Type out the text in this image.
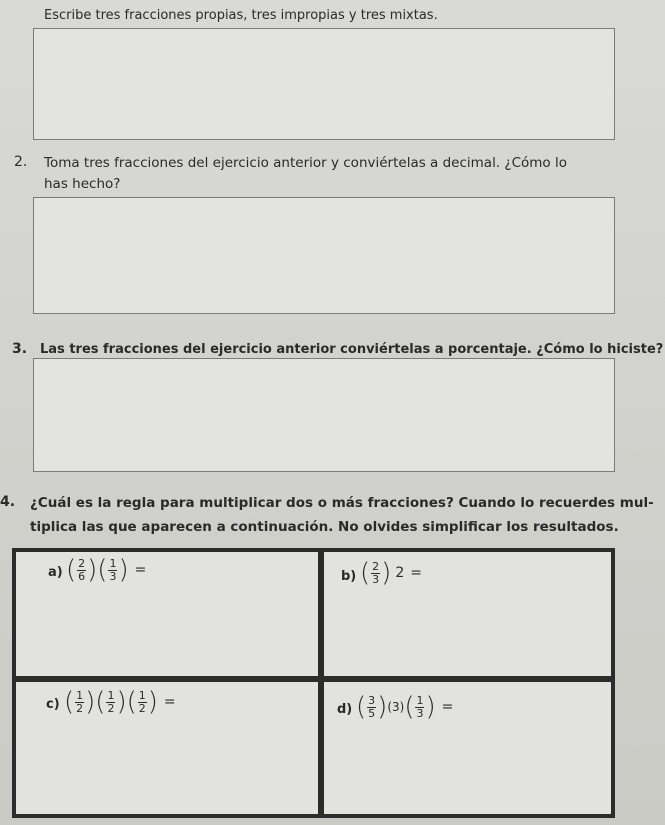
Escribe tres fracciones propias, tres impropias y tres mixtas.
2. Toma tres fracciones del ejercicio anterior y conviértelas a decimal. ¿Cómo lo
has hecho?
3. Las tres fracciones del ejercicio anterior conviértelas a porcentaje. ¿Cómo lo hiciste?
4. ¿Cuál es la regla para multiplicar dos o más fracciones? Cuando lo recuerdes mul-
tiplica las que aparecen a continuación. No olvides simplificar los resultados.
a) ( $\frac{2}{6}$ )( $\frac{1}{3}$ ) =	b) ( $\frac{2}{3}$ ) 2 =
c) ( $\frac{1}{2}$ )( $\frac{1}{2}$ )( $\frac{1}{2}$ ) =	d) ( $\frac{3}{5}$ ) (3) ( $\frac{1}{3}$ ) =
